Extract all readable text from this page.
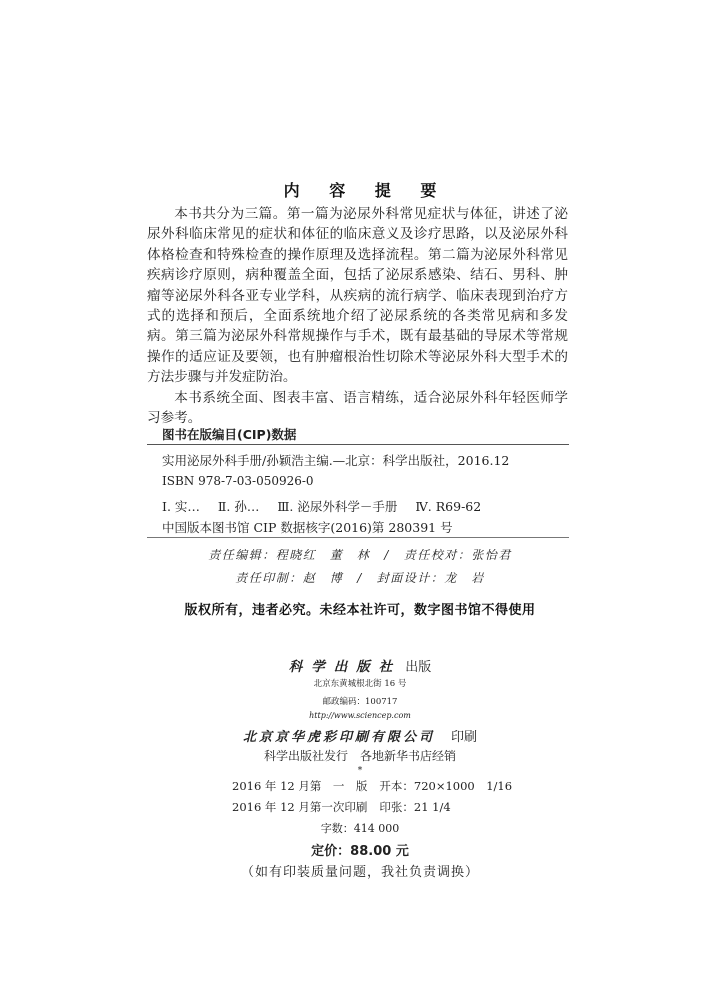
内 容 提 要

本书共分为三篇。第一篇为泌尿外科常见症状与体征，讲述了泌尿外科临床常见的症状和体征的临床意义及诊疗思路，以及泌尿外科体格检查和特殊检查的操作原理及选择流程。第二篇为泌尿外科常见疾病诊疗原则，病种覆盖全面，包括了泌尿系感染、结石、男科、肿瘤等泌尿外科各亚专业学科，从疾病的流行病学、临床表现到治疗方式的选择和预后，全面系统地介绍了泌尿系统的各类常见病和多发病。第三篇为泌尿外科常规操作与手术，既有最基础的导尿术等常规操作的适应证及要领，也有肿瘤根治性切除术等泌尿外科大型手术的方法步骤与并发症防治。

本书系统全面、图表丰富、语言精练，适合泌尿外科年轻医师学习参考。

图书在版编目(CIP)数据
实用泌尿外科手册/孙颖浩主编.—北京：科学出版社，2016.12
ISBN 978-7-03-050926-0
Ⅰ. 实… Ⅱ. 孙… Ⅲ. 泌尿外科学－手册 Ⅳ. R69-62
中国版本图书馆 CIP 数据核字(2016)第 280391 号
责任编辑：程晓红　董　林 / 责任校对：张怡君
责任印制：赵　博 / 封面设计：龙　岩
版权所有，违者必究。未经本社许可，数字图书馆不得使用
科学出版社 出版
北京东黄城根北街 16 号
邮政编码：100717
http://www.sciencep.com
北京京华虎彩印刷有限公司 印刷
科学出版社发行 各地新华书店经销
*
2016 年 12 月第　一　版 开本：720×1000　1/16
2016 年 12 月第一次印刷 印张：21 1/4
字数：414 000
定价：88.00 元
（如有印装质量问题，我社负责调换）
